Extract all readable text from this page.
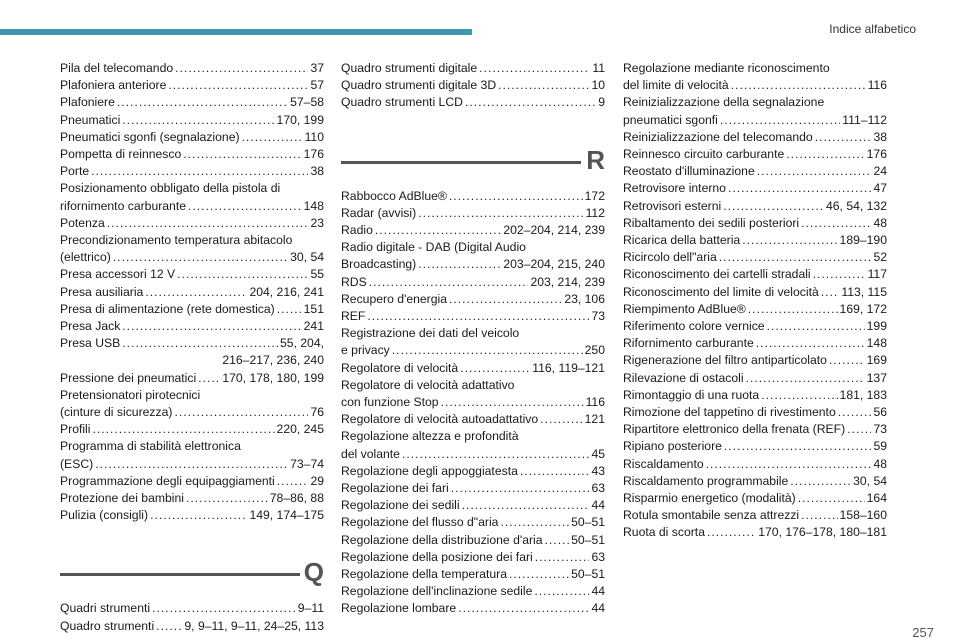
Indice alfabetico
Pila del telecomando .....	37
Plafoniera anteriore .....	57
Plafoniere .....	57–58
Pneumatici .....	170, 199
Pneumatici sgonfi (segnalazione) .....	110
Pompetta di reinnesco .....	176
Porte .....	38
Posizionamento obbligato della pistola di
rifornimento carburante .....	148
Potenza .....	23
Precondizionamento temperatura abitacolo
(elettrico) .....	30, 54
Presa accessori 12 V .....	55
Presa ausiliaria .....	204, 216, 241
Presa di alimentazione (rete domestica) ..... 151
Presa Jack .....	241
Presa USB .....	55, 204,
216–217, 236, 240
Pressione dei pneumatici ..... 170, 178, 180, 199
Pretensionatori pirotecnici
(cinture di sicurezza) .....	76
Profili .....	220, 245
Programma di stabilità elettronica
(ESC) .....	73–74
Programmazione degli equipaggiamenti .....	29
Protezione dei bambini .....	78–86, 88
Pulizia (consigli) .....	149, 174–175
Q
Quadri strumenti .....	9–11
Quadro strumenti ..... 9, 9–11, 9–11, 24–25, 113
Quadro strumenti digitale .....	11
Quadro strumenti digitale 3D .....	10
Quadro strumenti LCD .....	9
R
Rabbocco AdBlue® .....	172
Radar (avvisi) .....	112
Radio .....	202–204, 214, 239
Radio digitale - DAB (Digital Audio
Broadcasting) .....	203–204, 215, 240
RDS .....	203, 214, 239
Recupero d'energia .....	23, 106
REF .....	73
Registrazione dei dati del veicolo
e privacy .....	250
Regolatore di velocità .....	116, 119–121
Regolatore di velocità adattativo
con funzione Stop .....	116
Regolatore di velocità autoadattativo .....	121
Regolazione altezza e profondità
del volante .....	45
Regolazione degli appoggiatesta .....	43
Regolazione dei fari .....	63
Regolazione dei sedili .....	44
Regolazione del flusso d"aria .....	50–51
Regolazione della distribuzione d'aria ..... 50–51
Regolazione della posizione dei fari .....	63
Regolazione della temperatura .....	50–51
Regolazione dell'inclinazione sedile .....	44
Regolazione lombare .....	44
Regolazione mediante riconoscimento
del limite di velocità .....	116
Reinizializzazione della segnalazione
pneumatici sgonfi .....	111–112
Reinizializzazione del telecomando .....	38
Reinnesco circuito carburante .....	176
Reostato d'illuminazione .....	24
Retrovisore interno .....	47
Retrovisori esterni .....	46, 54, 132
Ribaltamento dei sedili posteriori .....	48
Ricarica della batteria .....	189–190
Ricircolo dell"aria .....	52
Riconoscimento dei cartelli stradali .....	117
Riconoscimento del limite di velocità ..... 113, 115
Riempimento AdBlue® .....	169, 172
Riferimento colore vernice .....	199
Rifornimento carburante .....	148
Rigenerazione del filtro antiparticolato .....	169
Rilevazione di ostacoli .....	137
Rimontaggio di una ruota .....	181, 183
Rimozione del tappetino di rivestimento .....	56
Ripartitore elettronico della frenata (REF) ..... 73
Ripiano posteriore .....	59
Riscaldamento .....	48
Riscaldamento programmabile .....	30, 54
Risparmio energetico (modalità) .....	164
Rotula smontabile senza attrezzi .....	158–160
Ruota di scorta .....	170, 176–178, 180–181
257
